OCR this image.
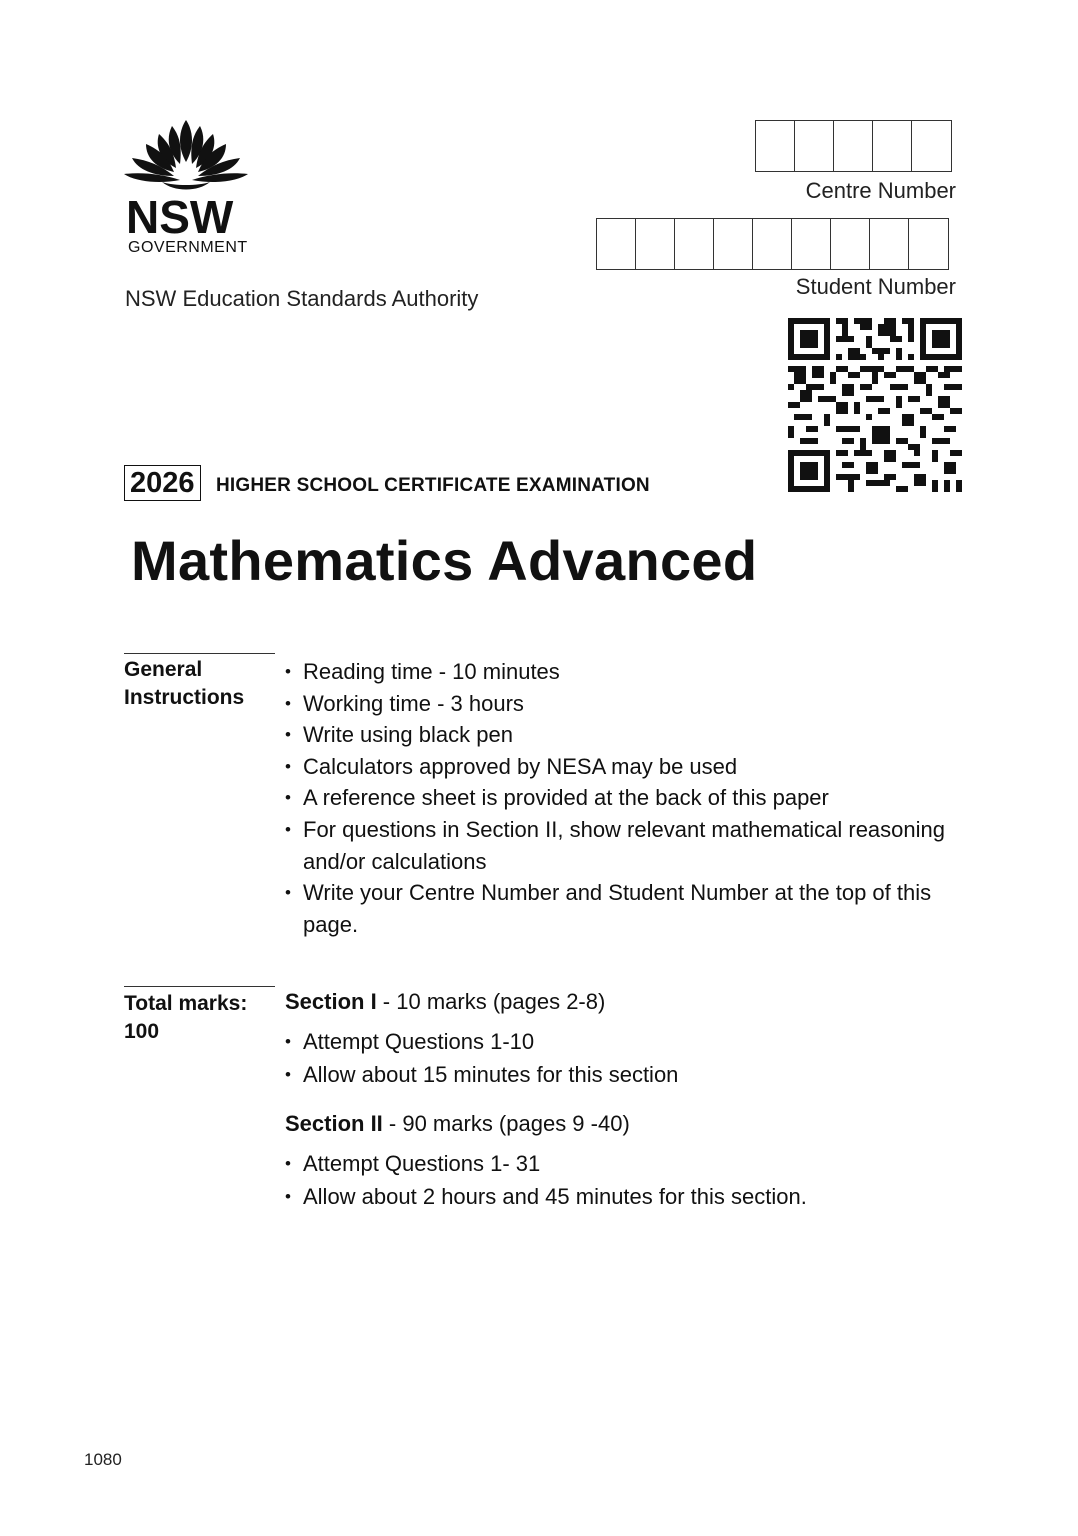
NSW
GOVERNMENT
NSW Education Standards Authority
Centre Number
Student Number
2026	HIGHER SCHOOL CERTIFICATE EXAMINATION
Mathematics Advanced
General
Instructions
• Reading time - 10 minutes
• Working time - 3 hours
• Write using black pen
• Calculators approved by NESA may be used
• A reference sheet is provided at the back of this paper
• For questions in Section II, show relevant mathematical reasoning and/or calculations
• Write your Centre Number and Student Number at the top of this page.
Total marks:
100
Section I - 10 marks (pages 2-8)
• Attempt Questions 1-10
• Allow about 15 minutes for this section
Section II - 90 marks (pages 9 -40)
• Attempt Questions 1- 31
• Allow about 2 hours and 45 minutes for this section.
1080
